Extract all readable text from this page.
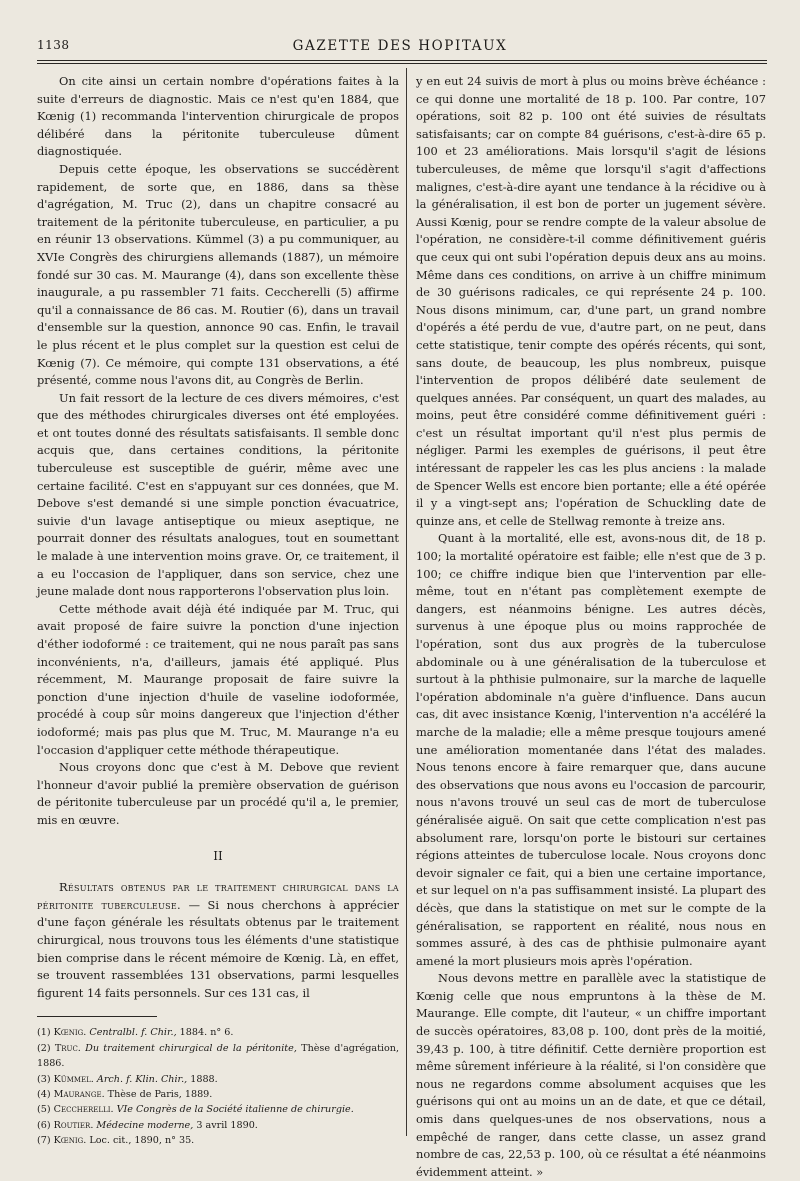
1138	GAZETTE DES HOPITAUX

On cite ainsi un certain nombre d'opérations faites à la suite d'erreurs de diagnostic. Mais ce n'est qu'en 1884, que Kœnig (1) recommanda l'intervention chirurgicale de propos délibéré dans la péritonite tuberculeuse dûment diagnostiquée.

Depuis cette époque, les observations se succédèrent rapidement, de sorte que, en 1886, dans sa thèse d'agrégation, M. Truc (2), dans un chapitre consacré au traitement de la péritonite tuberculeuse, en particulier, a pu en réunir 13 observations. Kümmel (3) a pu communiquer, au XVIe Congrès des chirurgiens allemands (1887), un mémoire fondé sur 30 cas. M. Maurange (4), dans son excellente thèse inaugurale, a pu rassembler 71 faits. Ceccherelli (5) affirme qu'il a connaissance de 86 cas. M. Routier (6), dans un travail d'ensemble sur la question, annonce 90 cas. Enfin, le travail le plus récent et le plus complet sur la question est celui de Kœnig (7). Ce mémoire, qui compte 131 observations, a été présenté, comme nous l'avons dit, au Congrès de Berlin.

Un fait ressort de la lecture de ces divers mémoires, c'est que des méthodes chirurgicales diverses ont été employées. et ont toutes donné des résultats satisfaisants. Il semble donc acquis que, dans certaines conditions, la péritonite tuberculeuse est susceptible de guérir, même avec une certaine facilité. C'est en s'appuyant sur ces données, que M. Debove s'est demandé si une simple ponction évacuatrice, suivie d'un lavage antiseptique ou mieux aseptique, ne pourrait donner des résultats analogues, tout en soumettant le malade à une intervention moins grave. Or, ce traitement, il a eu l'occasion de l'appliquer, dans son service, chez une jeune malade dont nous rapporterons l'observation plus loin.

Cette méthode avait déjà été indiquée par M. Truc, qui avait proposé de faire suivre la ponction d'une injection d'éther iodoformé : ce traitement, qui ne nous paraît pas sans inconvénients, n'a, d'ailleurs, jamais été appliqué. Plus récemment, M. Maurange proposait de faire suivre la ponction d'une injection d'huile de vaseline iodoformée, procédé à coup sûr moins dangereux que l'injection d'éther iodoformé; mais pas plus que M. Truc, M. Maurange n'a eu l'occasion d'appliquer cette méthode thérapeutique.

Nous croyons donc que c'est à M. Debove que revient l'honneur d'avoir publié la première observation de guérison de péritonite tuberculeuse par un procédé qu'il a, le premier, mis en œuvre.

II

Résultats obtenus par le traitement chirurgical dans la péritonite tuberculeuse. — Si nous cherchons à apprécier d'une façon générale les résultats obtenus par le traitement chirurgical, nous trouvons tous les éléments d'une statistique bien comprise dans le récent mémoire de Kœnig. Là, en effet, se trouvent rassemblées 131 observations, parmi lesquelles figurent 14 faits personnels. Sur ces 131 cas, il

(1) Kœnig. Centralbl. f. Chir., 1884. n° 6.
(2) Truc. Du traitement chirurgical de la péritonite, Thèse d'agrégation, 1886.
(3) Kümmel. Arch. f. Klin. Chir., 1888.
(4) Maurange. Thèse de Paris, 1889.
(5) Ceccherelli. VIe Congrès de la Société italienne de chirurgie.
(6) Routier. Médecine moderne, 3 avril 1890.
(7) Kœnig. Loc. cit., 1890, n° 35.

y en eut 24 suivis de mort à plus ou moins brève échéance : ce qui donne une mortalité de 18 p. 100. Par contre, 107 opérations, soit 82 p. 100 ont été suivies de résultats satisfaisants; car on compte 84 guérisons, c'est-à-dire 65 p. 100 et 23 améliorations. Mais lorsqu'il s'agit de lésions tuberculeuses, de même que lorsqu'il s'agit d'affections malignes, c'est-à-dire ayant une tendance à la récidive ou à la généralisation, il est bon de porter un jugement sévère. Aussi Kœnig, pour se rendre compte de la valeur absolue de l'opération, ne considère-t-il comme définitivement guéris que ceux qui ont subi l'opération depuis deux ans au moins. Même dans ces conditions, on arrive à un chiffre minimum de 30 guérisons radicales, ce qui représente 24 p. 100. Nous disons minimum, car, d'une part, un grand nombre d'opérés a été perdu de vue, d'autre part, on ne peut, dans cette statistique, tenir compte des opérés récents, qui sont, sans doute, de beaucoup, les plus nombreux, puisque l'intervention de propos délibéré date seulement de quelques années. Par conséquent, un quart des malades, au moins, peut être considéré comme définitivement guéri : c'est un résultat important qu'il n'est plus permis de négliger. Parmi les exemples de guérisons, il peut être intéressant de rappeler les cas les plus anciens : la malade de Spencer Wells est encore bien portante; elle a été opérée il y a vingt-sept ans; l'opération de Schuckling date de quinze ans, et celle de Stellwag remonte à treize ans.

Quant à la mortalité, elle est, avons-nous dit, de 18 p. 100; la mortalité opératoire est faible; elle n'est que de 3 p. 100; ce chiffre indique bien que l'intervention par elle-même, tout en n'étant pas complètement exempte de dangers, est néanmoins bénigne. Les autres décès, survenus à une époque plus ou moins rapprochée de l'opération, sont dus aux progrès de la tuberculose abdominale ou à une généralisation de la tuberculose et surtout à la phthisie pulmonaire, sur la marche de laquelle l'opération abdominale n'a guère d'influence. Dans aucun cas, dit avec insistance Kœnig, l'intervention n'a accéléré la marche de la maladie; elle a même presque toujours amené une amélioration momentanée dans l'état des malades. Nous tenons encore à faire remarquer que, dans aucune des observations que nous avons eu l'occasion de parcourir, nous n'avons trouvé un seul cas de mort de tuberculose généralisée aiguë. On sait que cette complication n'est pas absolument rare, lorsqu'on porte le bistouri sur certaines régions atteintes de tuberculose locale. Nous croyons donc devoir signaler ce fait, qui a bien une certaine importance, et sur lequel on n'a pas suffisamment insisté. La plupart des décès, que dans la statistique on met sur le compte de la généralisation, se rapportent en réalité, nous nous en sommes assuré, à des cas de phthisie pulmonaire ayant amené la mort plusieurs mois après l'opération.

Nous devons mettre en parallèle avec la statistique de Kœnig celle que nous empruntons à la thèse de M. Maurange. Elle compte, dit l'auteur, « un chiffre important de succès opératoires, 83,08 p. 100, dont près de la moitié, 39,43 p. 100, à titre définitif. Cette dernière proportion est même sûrement inférieure à la réalité, si l'on considère que nous ne regardons comme absolument acquises que les guérisons qui ont au moins un an de date, et que ce détail, omis dans quelques-unes de nos observations, nous a empêché de ranger, dans cette classe, un assez grand nombre de cas, 22,53 p. 100, où ce résultat a été néanmoins évidemment atteint. »
